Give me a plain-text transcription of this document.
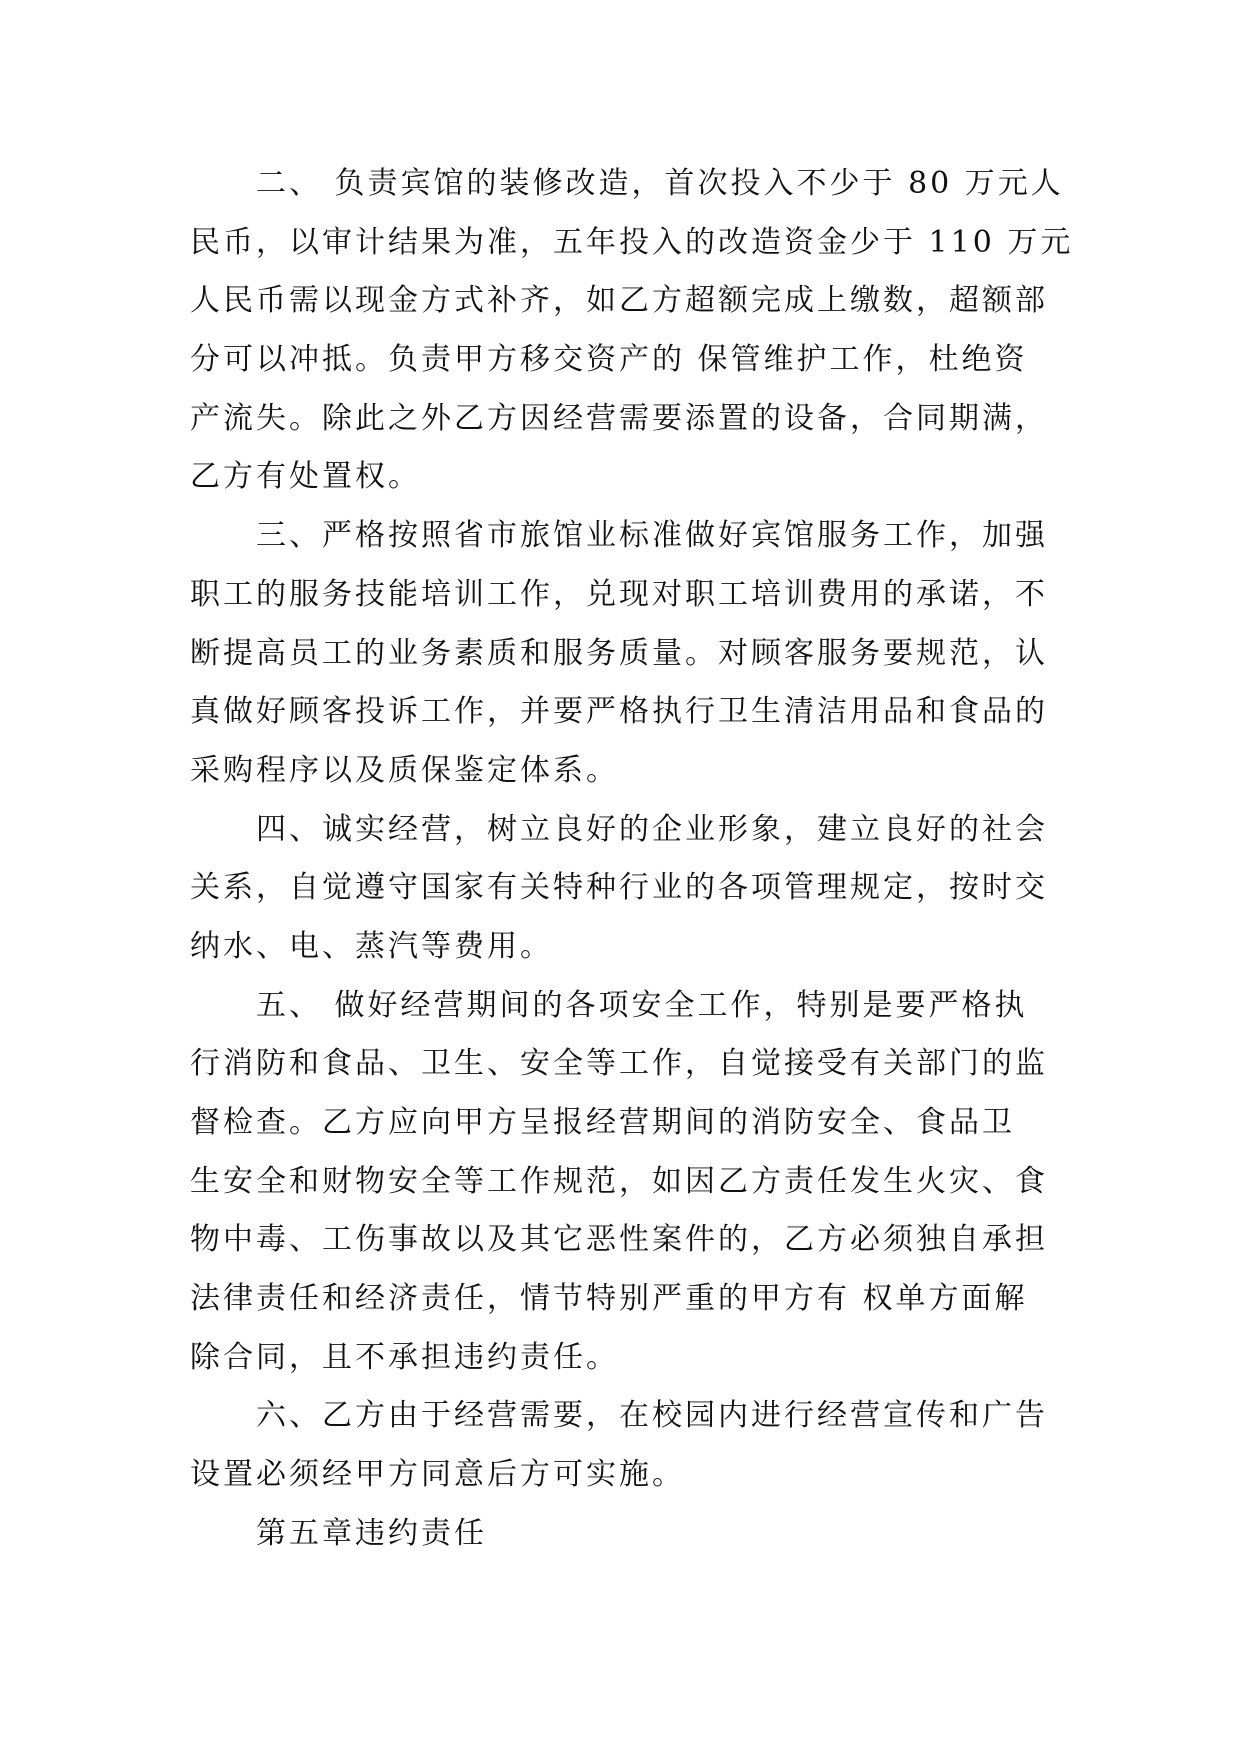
二、 负责宾馆的装修改造，首次投入不少于 80 万元人
民币，以审计结果为准，五年投入的改造资金少于 110 万元
人民币需以现金方式补齐，如乙方超额完成上缴数，超额部
分可以冲抵。负责甲方移交资产的 保管维护工作，杜绝资
产流失。除此之外乙方因经营需要添置的设备，合同期满，
乙方有处置权。
三、严格按照省市旅馆业标准做好宾馆服务工作，加强
职工的服务技能培训工作，兑现对职工培训费用的承诺，不
断提高员工的业务素质和服务质量。对顾客服务要规范，认
真做好顾客投诉工作，并要严格执行卫生清洁用品和食品的
采购程序以及质保鉴定体系。
四、诚实经营，树立良好的企业形象，建立良好的社会
关系，自觉遵守国家有关特种行业的各项管理规定，按时交
纳水、电、蒸汽等费用。
五、 做好经营期间的各项安全工作，特别是要严格执
行消防和食品、卫生、安全等工作，自觉接受有关部门的监
督检查。乙方应向甲方呈报经营期间的消防安全、食品卫
生安全和财物安全等工作规范，如因乙方责任发生火灾、食
物中毒、工伤事故以及其它恶性案件的，乙方必须独自承担
法律责任和经济责任，情节特别严重的甲方有 权单方面解
除合同，且不承担违约责任。
六、乙方由于经营需要，在校园内进行经营宣传和广告
设置必须经甲方同意后方可实施。
第五章违约责任
